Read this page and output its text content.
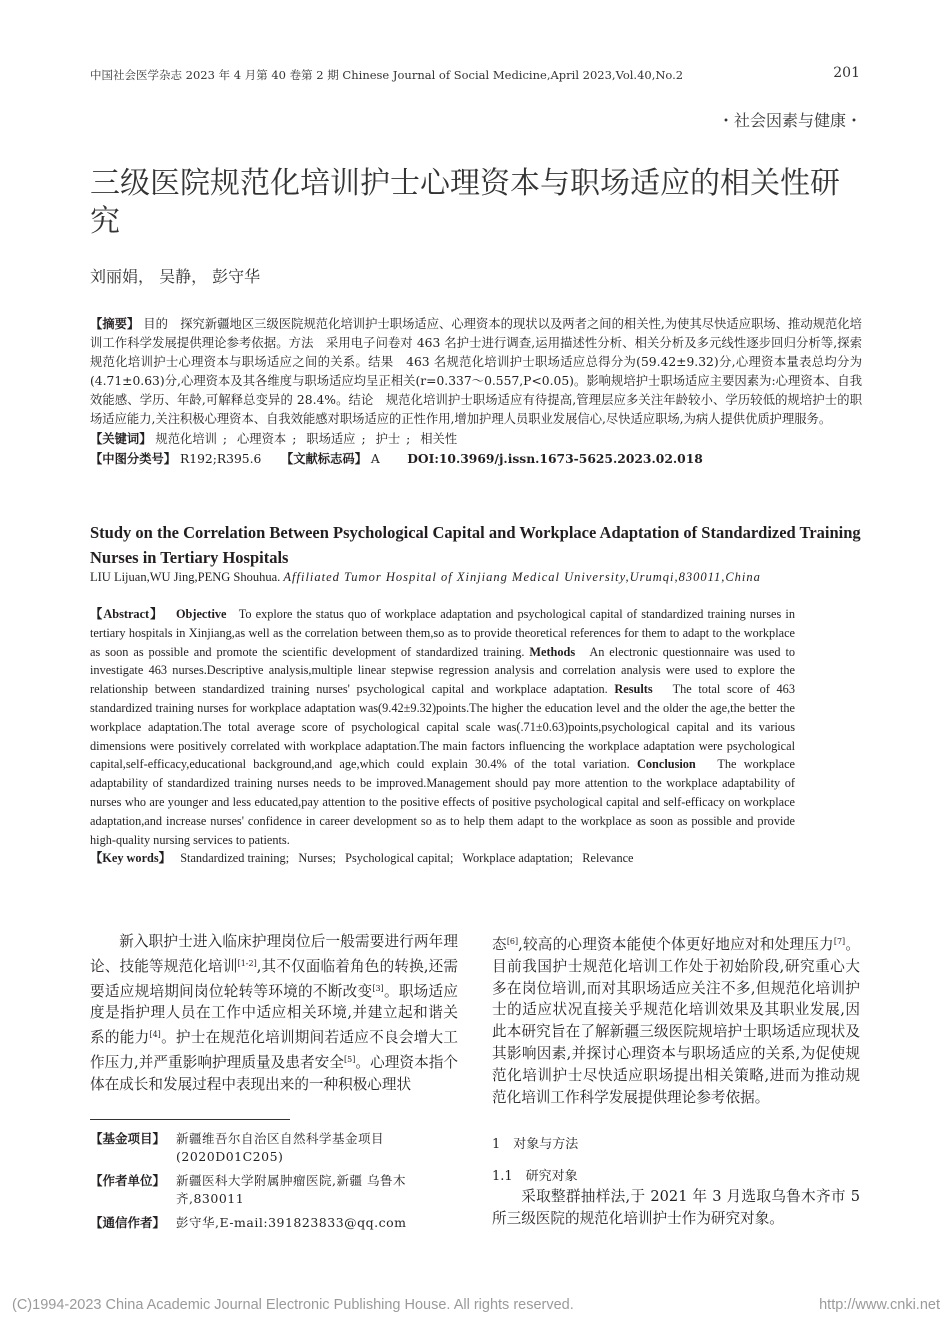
中国社会医学杂志 2023 年 4 月第 40 卷第 2 期 Chinese Journal of Social Medicine,April 2023,Vol.40,No.2	201
・社会因素与健康・
三级医院规范化培训护士心理资本与职场适应的相关性研究
刘丽娟， 吴静， 彭守华

【摘要】 目的　探究新疆地区三级医院规范化培训护士职场适应、心理资本的现状以及两者之间的相关性,为使其尽快适应职场、推动规范化培训工作科学发展提供理论参考依据。方法　采用电子问卷对 463 名护士进行调查,运用描述性分析、相关分析及多元线性逐步回归分析等,探索规范化培训护士心理资本与职场适应之间的关系。结果　463 名规范化培训护士职场适应总得分为(59.42±9.32)分,心理资本量表总均分为(4.71±0.63)分,心理资本及其各维度与职场适应均呈正相关(r=0.337～0.557,P<0.05)。影响规培护士职场适应主要因素为:心理资本、自我效能感、学历、年龄,可解释总变异的 28.4%。结论　规范化培训护士职场适应有待提高,管理层应多关注年龄较小、学历较低的规培护士的职场适应能力,关注积极心理资本、自我效能感对职场适应的正性作用,增加护理人员职业发展信心,尽快适应职场,为病人提供优质护理服务。

【关键词】 规范化培训 ; 心理资本 ; 职场适应 ; 护士 ; 相关性

【中图分类号】 R192;R395.6 【文献标志码】 A DOI:10.3969/j.issn.1673-5625.2023.02.018

Study on the Correlation Between Psychological Capital and Workplace Adaptation of Standardized Training Nurses in Tertiary Hospitals
LIU Lijuan,WU Jing,PENG Shouhua. Affiliated Tumor Hospital of Xinjiang Medical University,Urumqi,830011,China

【Abstract】 Objective To explore the status quo of workplace adaptation and psychological capital of standardized training nurses in tertiary hospitals in Xinjiang,as well as the correlation between them,so as to provide theoretical references for them to adapt to the workplace as soon as possible and promote the scientific development of standardized training. Methods An electronic questionnaire was used to investigate 463 nurses.Descriptive analysis,multiple linear stepwise regression analysis and correlation analysis were used to explore the relationship between standardized training nurses' psychological capital and workplace adaptation. Results The total score of 463 standardized training nurses for workplace adaptation was(9.42±9.32)points.The higher the education level and the older the age,the better the workplace adaptation.The total average score of psychological capital scale was(.71±0.63)points,psychological capital and its various dimensions were positively correlated with workplace adaptation.The main factors influencing the workplace adaptation were psychological capital,self-efficacy,educational background,and age,which could explain 30.4% of the total variation. Conclusion The workplace adaptability of standardized training nurses needs to be improved.Management should pay more attention to the workplace adaptability of nurses who are younger and less educated,pay attention to the positive effects of positive psychological capital and self-efficacy on workplace adaptation,and increase nurses' confidence in career development so as to help them adapt to the workplace as soon as possible and provide high-quality nursing services to patients.

【Key words】 Standardized training;   Nurses;   Psychological capital;   Workplace adaptation;   Relevance

新入职护士进入临床护理岗位后一般需要进行两年理论、技能等规范化培训[1-2],其不仅面临着角色的转换,还需要适应规培期间岗位轮转等环境的不断改变[3]。职场适应度是指护理人员在工作中适应相关环境,并建立起和谐关系的能力[4]。护士在规范化培训期间若适应不良会增大工作压力,并严重影响护理质量及患者安全[5]。心理资本指个体在成长和发展过程中表现出来的一种积极心理状

【基金项目】 新疆维吾尔自治区自然科学基金项目(2020D01C205)
【作者单位】 新疆医科大学附属肿瘤医院,新疆 乌鲁木齐,830011
【通信作者】 彭守华,E-mail:391823833@qq.com

态[6],较高的心理资本能使个体更好地应对和处理压力[7]。目前我国护士规范化培训工作处于初始阶段,研究重心大多在岗位培训,而对其职场适应关注不多,但规范化培训护士的适应状况直接关乎规范化培训效果及其职业发展,因此本研究旨在了解新疆三级医院规培护士职场适应现状及其影响因素,并探讨心理资本与职场适应的关系,为促使规范化培训护士尽快适应职场提出相关策略,进而为推动规范化培训工作科学发展提供理论参考依据。

1　对象与方法
1.1　研究对象

采取整群抽样法,于 2021 年 3 月选取乌鲁木齐市 5 所三级医院的规范化培训护士作为研究对象。

(C)1994-2023 China Academic Journal Electronic Publishing House. All rights reserved.	http://www.cnki.net
